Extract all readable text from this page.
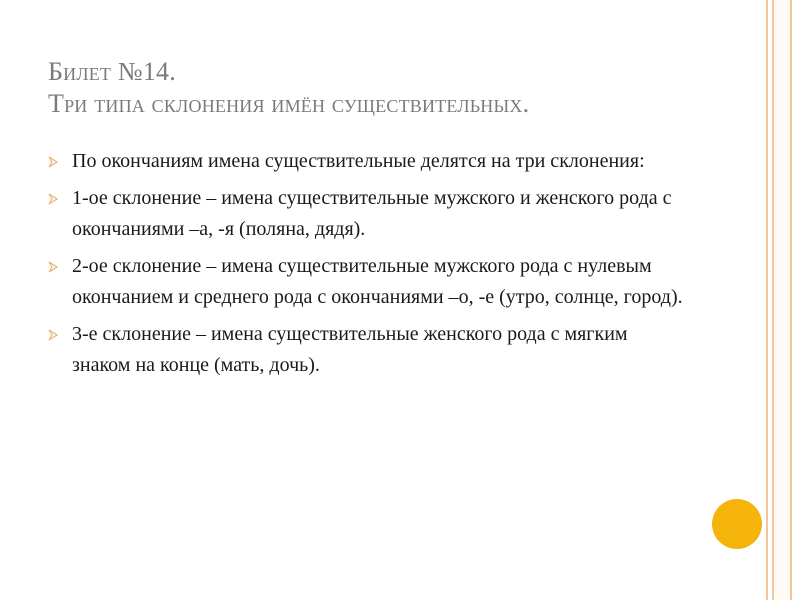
Билет №14.
Три типа склонения имён существительных.
По окончаниям имена существительные делятся на три склонения:
1-ое склонение – имена существительные мужского и женского рода с окончаниями –а, -я (поляна, дядя).
2-ое склонение – имена существительные мужского рода с нулевым окончанием и среднего рода с окончаниями –о, -е (утро, солнце, город).
3-е склонение – имена существительные женского рода с мягким знаком на конце (мать, дочь).
